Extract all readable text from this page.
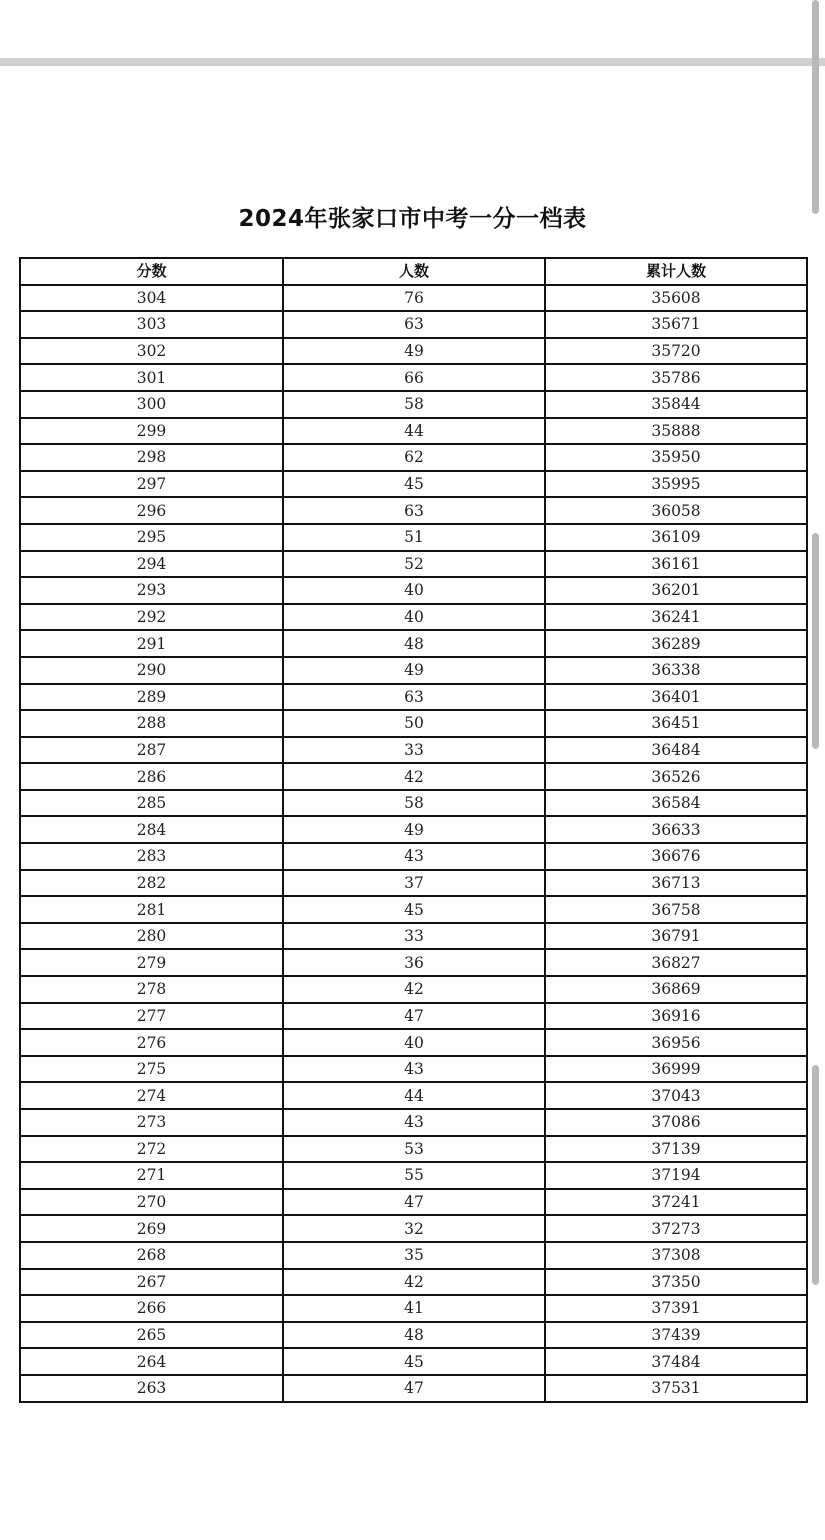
2024年张家口市中考一分一档表
分数	人数	累计人数
304	76	35608
303	63	35671
302	49	35720
301	66	35786
300	58	35844
299	44	35888
298	62	35950
297	45	35995
296	63	36058
295	51	36109
294	52	36161
293	40	36201
292	40	36241
291	48	36289
290	49	36338
289	63	36401
288	50	36451
287	33	36484
286	42	36526
285	58	36584
284	49	36633
283	43	36676
282	37	36713
281	45	36758
280	33	36791
279	36	36827
278	42	36869
277	47	36916
276	40	36956
275	43	36999
274	44	37043
273	43	37086
272	53	37139
271	55	37194
270	47	37241
269	32	37273
268	35	37308
267	42	37350
266	41	37391
265	48	37439
264	45	37484
263	47	37531
